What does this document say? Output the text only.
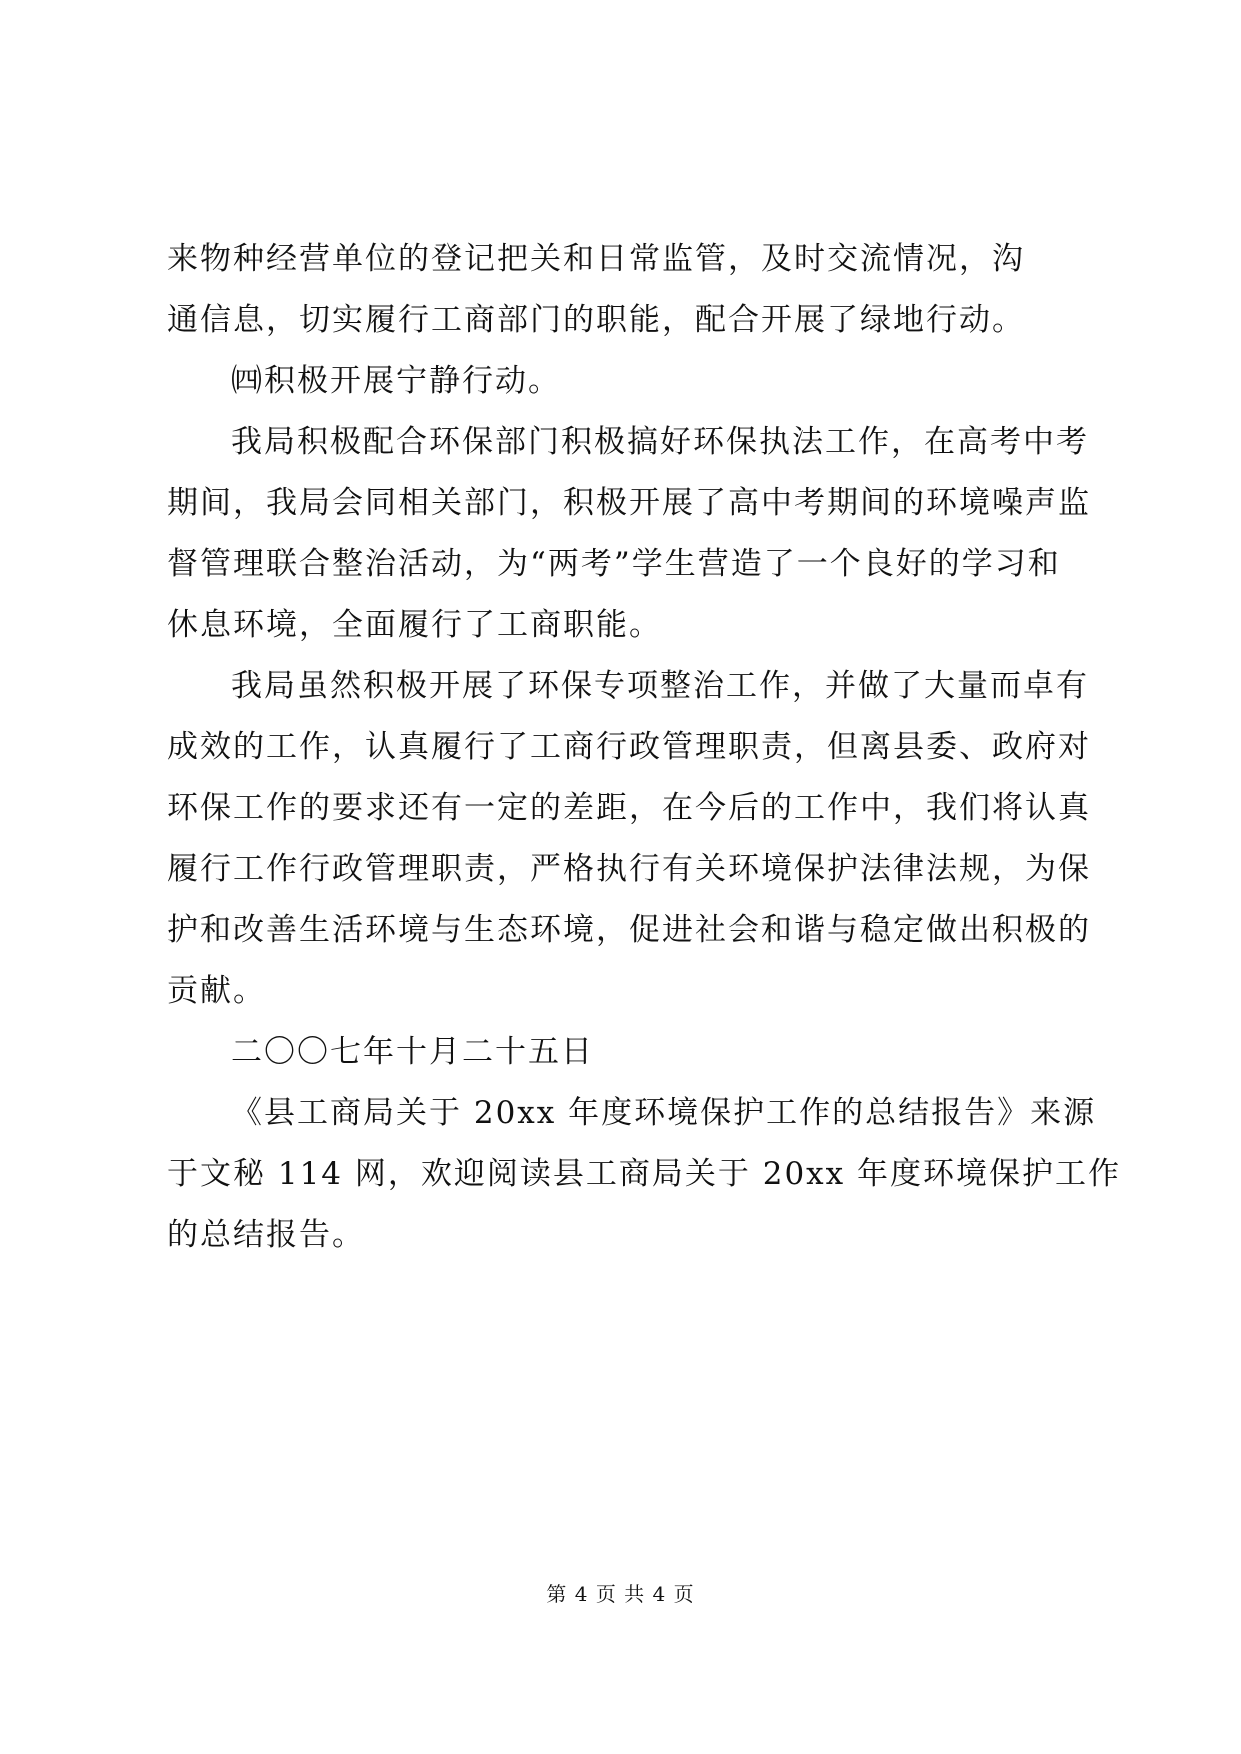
来物种经营单位的登记把关和日常监管，及时交流情况，沟
通信息，切实履行工商部门的职能，配合开展了绿地行动。
㈣积极开展宁静行动。
我局积极配合环保部门积极搞好环保执法工作，在高考中考
期间，我局会同相关部门，积极开展了高中考期间的环境噪声监
督管理联合整治活动，为“两考”学生营造了一个良好的学习和
休息环境，全面履行了工商职能。
我局虽然积极开展了环保专项整治工作，并做了大量而卓有
成效的工作，认真履行了工商行政管理职责，但离县委、政府对
环保工作的要求还有一定的差距，在今后的工作中，我们将认真
履行工作行政管理职责，严格执行有关环境保护法律法规，为保
护和改善生活环境与生态环境，促进社会和谐与稳定做出积极的
贡献。
二〇〇七年十月二十五日
《县工商局关于 20xx 年度环境保护工作的总结报告》来源
于文秘 114 网，欢迎阅读县工商局关于 20xx 年度环境保护工作
的总结报告。
第 4 页 共 4 页
